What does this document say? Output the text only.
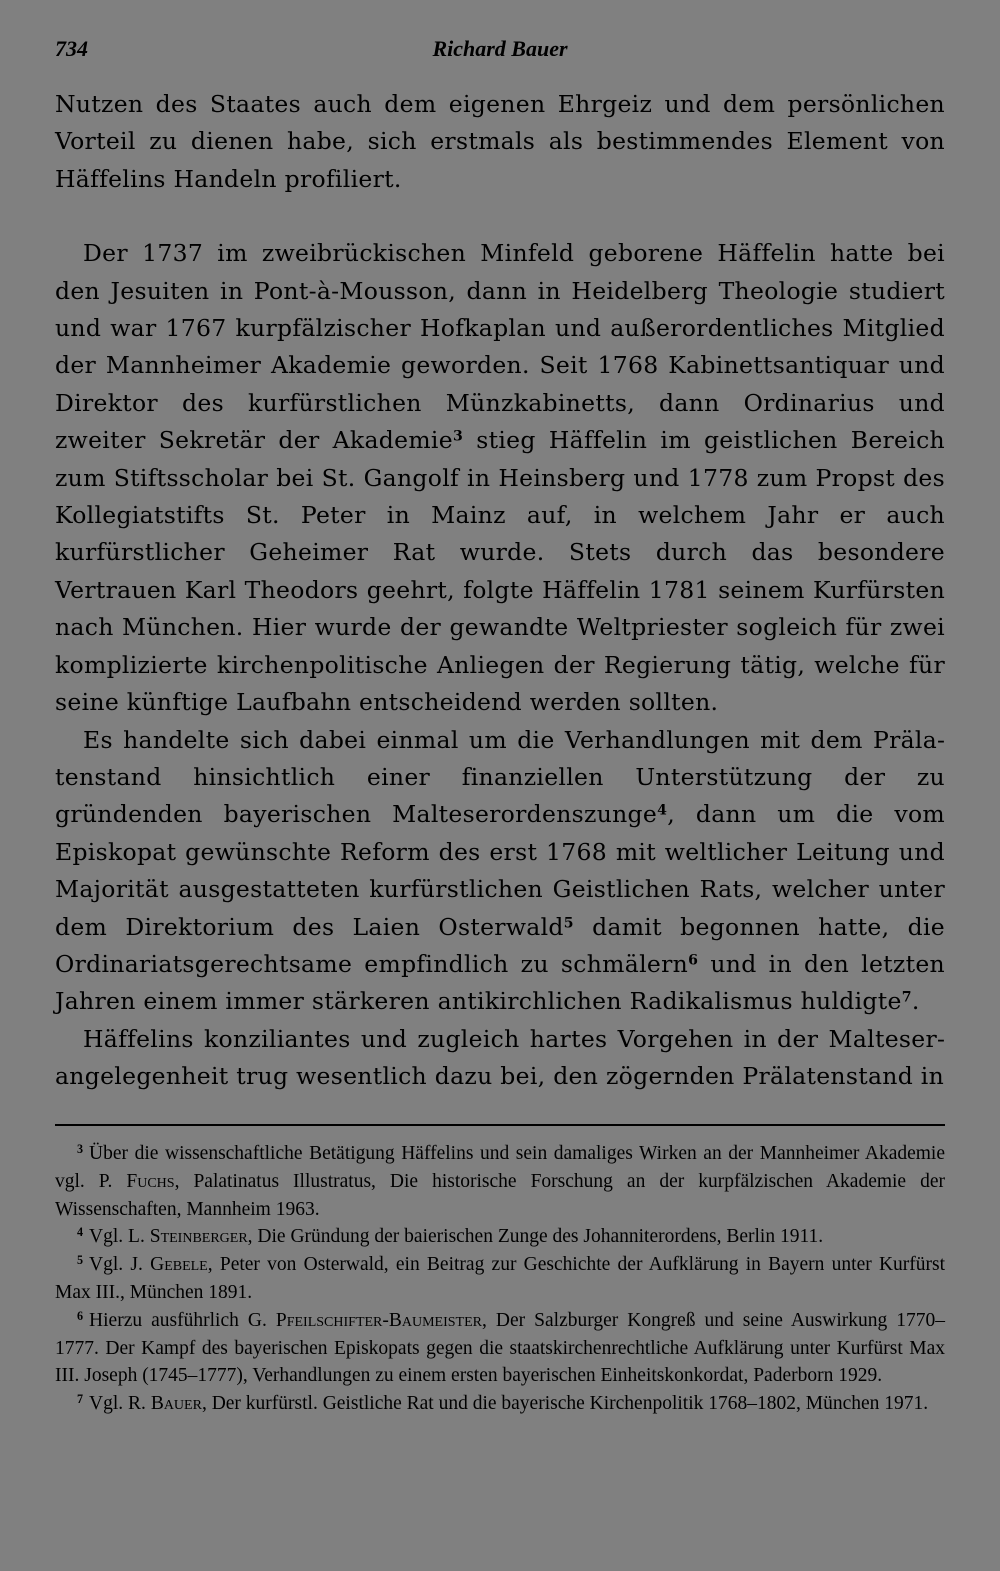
734	Richard Bauer

Nutzen des Staates auch dem eigenen Ehrgeiz und dem persönlichen Vorteil zu dienen habe, sich erstmals als bestimmendes Element von Häffelins Handeln profiliert.

Der 1737 im zweibrückischen Minfeld geborene Häffelin hatte bei den Jesuiten in Pont-à-Mousson, dann in Heidelberg Theologie studiert und war 1767 kurpfälzischer Hofkaplan und außerordentliches Mitglied der Mannheimer Akademie geworden. Seit 1768 Kabinettsantiquar und Direktor des kurfürstlichen Münzkabinetts, dann Ordinarius und zweiter Sekretär der Akademie$^3$ stieg Häffelin im geistlichen Bereich zum Stiftsscholar bei St. Gangolf in Heinsberg und 1778 zum Propst des Kollegiatstifts St. Peter in Mainz auf, in welchem Jahr er auch kurfürstlicher Geheimer Rat wurde. Stets durch das besondere Vertrauen Karl Theodors geehrt, folgte Häffelin 1781 seinem Kurfürsten nach München. Hier wurde der gewandte Weltpriester sogleich für zwei komplizierte kirchenpolitische Anliegen der Regierung tätig, welche für seine künftige Laufbahn entscheidend werden sollten.

Es handelte sich dabei einmal um die Verhandlungen mit dem Prälatenstand hinsichtlich einer finanziellen Unterstützung der zu gründenden bayerischen Malteserordenszunge$^4$, dann um die vom Episkopat gewünschte Reform des erst 1768 mit weltlicher Leitung und Majorität ausgestatteten kurfürstlichen Geistlichen Rats, welcher unter dem Direktorium des Laien Osterwald$^5$ damit begonnen hatte, die Ordinariatsgerechtsame empfindlich zu schmälern$^6$ und in den letzten Jahren einem immer stärkeren antikirchlichen Radikalismus huldigte$^7$.

Häffelins konziliantes und zugleich hartes Vorgehen in der Malteserangelegenheit trug wesentlich dazu bei, den zögernden Prälatenstand in

$^3$ Über die wissenschaftliche Betätigung Häffelins und sein damaliges Wirken an der Mannheimer Akademie vgl. P. Fuchs, Palatinatus Illustratus, Die historische Forschung an der kurpfälzischen Akademie der Wissenschaften, Mannheim 1963.

$^4$ Vgl. L. Steinberger, Die Gründung der baierischen Zunge des Johanniterordens, Berlin 1911.

$^5$ Vgl. J. Gebele, Peter von Osterwald, ein Beitrag zur Geschichte der Aufklärung in Bayern unter Kurfürst Max III., München 1891.

$^6$ Hierzu ausführlich G. Pfeilschifter-Baumeister, Der Salzburger Kongreß und seine Auswirkung 1770–1777. Der Kampf des bayerischen Episkopats gegen die staatskirchenrechtliche Aufklärung unter Kurfürst Max III. Joseph (1745–1777), Verhandlungen zu einem ersten bayerischen Einheitskonkordat, Paderborn 1929.

$^7$ Vgl. R. Bauer, Der kurfürstl. Geistliche Rat und die bayerische Kirchenpolitik 1768–1802, München 1971.
